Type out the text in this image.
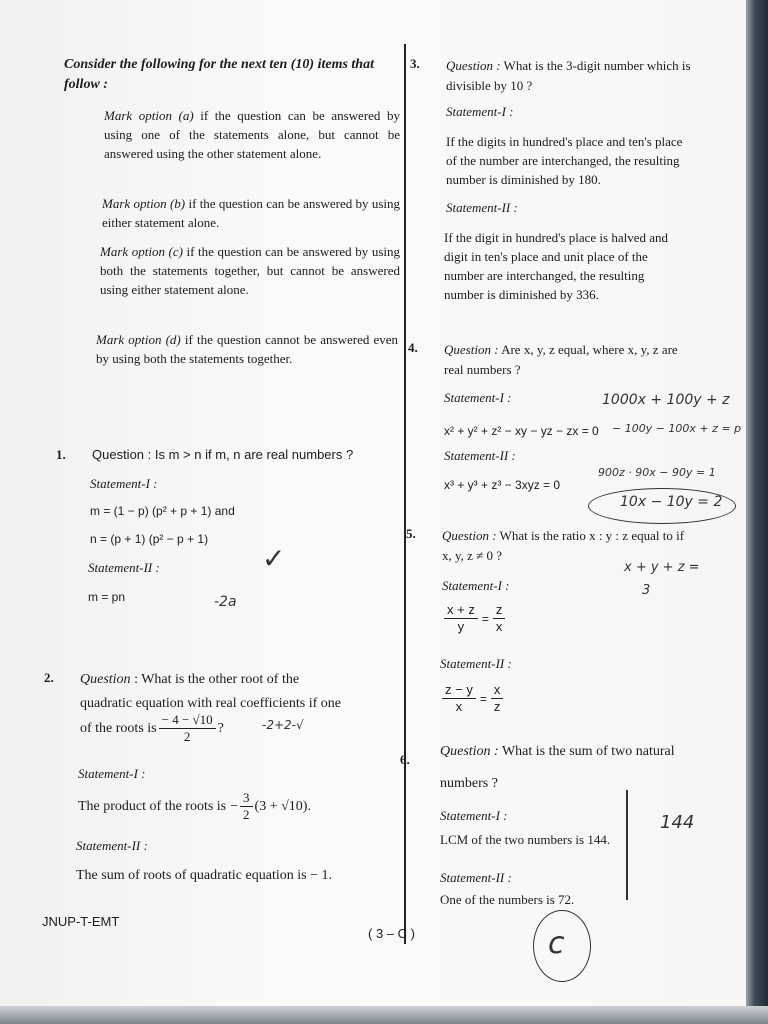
Consider the following for the next ten (10) items that follow :
Mark option (a) if the question can be answered by using one of the statements alone, but cannot be answered using the other statement alone.
Mark option (b) if the question can be answered by using either statement alone.
Mark option (c) if the question can be answered by using both the statements together, but cannot be answered using either statement alone.
Mark option (d) if the question cannot be answered even by using both the statements together.
1. Question : Is m > n if m, n are real numbers ?
Statement-I :
m = (1 − p) (p² + p + 1) and
n = (p + 1) (p² − p + 1)
Statement-II :
m = pn
2. Question : What is the other root of the
quadratic equation with real coefficients if one
of the roots is $\frac{- 4 - √10}{2}$ ?
Statement-I :
The product of the roots is − $\frac{3}{2} (3 + √10)$.
Statement-II :
The sum of roots of quadratic equation is − 1.
3. Question : What is the 3-digit number which is
divisible by 10 ?
Statement-I :
If the digits in hundred's place and ten's place
of the number are interchanged, the resulting
number is diminished by 180.
Statement-II :
If the digit in hundred's place is halved and
digit in ten's place and unit place of the
number are interchanged, the resulting
number is diminished by 336.
4. Question : Are x, y, z equal, where x, y, z are
real numbers ?
Statement-I :
x² + y² + z² − xy − yz − zx = 0
Statement-II :
x³ + y³ + z³ − 3xyz = 0
5. Question : What is the ratio x : y : z equal to if
x, y, z ≠ 0 ?
Statement-I :
$\frac{x + z}{y} = \frac{z}{x}$
Statement-II :
$\frac{z - y}{x} = \frac{x}{z}$
6.
Question : What is the sum of two natural
numbers ?
Statement-I :
LCM of the two numbers is 144.
Statement-II :
One of the numbers is 72.
✓
-2a
-2+2-√
1000x + 100y + z
− 100y − 100x + z = p
900z · 90x − 90y = 1
10x − 10y = 2
x + y + z =
3
144
c
JNUP-T-EMT
( 3 – C )
